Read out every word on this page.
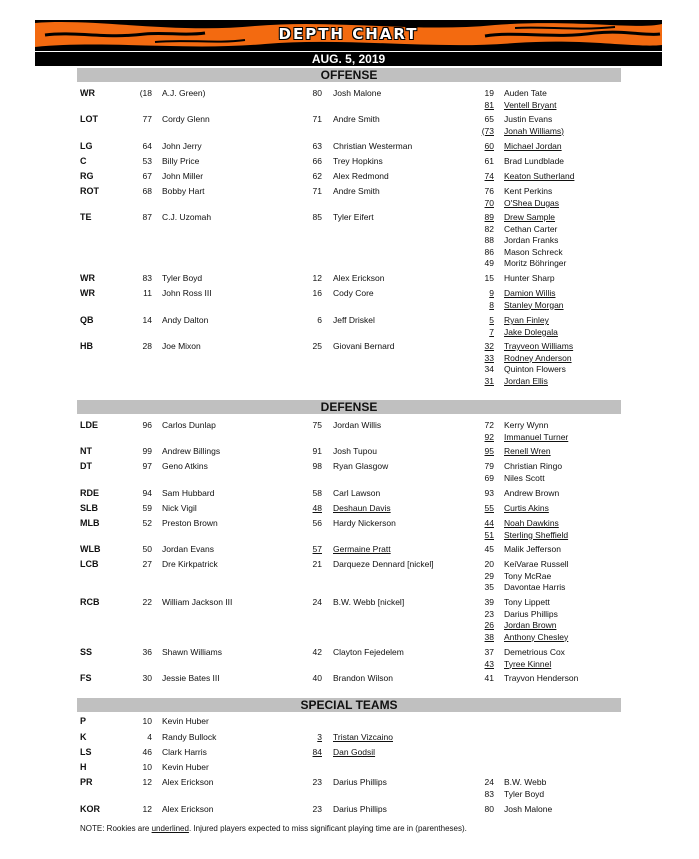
DEPTH CHART
AUG. 5, 2019
OFFENSE
WR	(18 A.J. Green)	80 Josh Malone	19 Auden Tate
81 Ventell Bryant
LOT	77 Cordy Glenn	71 Andre Smith	65 Justin Evans
(73 Jonah Williams)
LG	64 John Jerry	63 Christian Westerman	60 Michael Jordan
C	53 Billy Price	66 Trey Hopkins	61 Brad Lundblade
RG	67 John Miller	62 Alex Redmond	74 Keaton Sutherland
ROT	68 Bobby Hart	71 Andre Smith	76 Kent Perkins
70 O'Shea Dugas
TE	87 C.J. Uzomah	85 Tyler Eifert	89 Drew Sample
82 Cethan Carter
88 Jordan Franks
86 Mason Schreck
49 Moritz Böhringer
WR	83 Tyler Boyd	12 Alex Erickson	15 Hunter Sharp
WR	11 John Ross III	16 Cody Core	9 Damion Willis
8 Stanley Morgan
QB	14 Andy Dalton	6 Jeff Driskel	5 Ryan Finley
7 Jake Dolegala
HB	28 Joe Mixon	25 Giovani Bernard	32 Trayveon Williams
33 Rodney Anderson
34 Quinton Flowers
31 Jordan Ellis
DEFENSE
LDE	96 Carlos Dunlap	75 Jordan Willis	72 Kerry Wynn
92 Immanuel Turner
NT	99 Andrew Billings	91 Josh Tupou	95 Renell Wren
DT	97 Geno Atkins	98 Ryan Glasgow	79 Christian Ringo
69 Niles Scott
RDE	94 Sam Hubbard	58 Carl Lawson	93 Andrew Brown
SLB	59 Nick Vigil	48 Deshaun Davis	55 Curtis Akins
MLB	52 Preston Brown	56 Hardy Nickerson	44 Noah Dawkins
51 Sterling Sheffield
WLB	50 Jordan Evans	57 Germaine Pratt	45 Malik Jefferson
LCB	27 Dre Kirkpatrick	21 Darqueze Dennard [nickel]	20 KeiVarae Russell
29 Tony McRae
35 Davontae Harris
RCB	22 William Jackson III	24 B.W. Webb [nickel]	39 Tony Lippett
23 Darius Phillips
26 Jordan Brown
38 Anthony Chesley
SS	36 Shawn Williams	42 Clayton Fejedelem	37 Demetrious Cox
43 Tyree Kinnel
FS	30 Jessie Bates III	40 Brandon Wilson	41 Trayvon Henderson
SPECIAL TEAMS
P	10 Kevin Huber
K	4 Randy Bullock	3 Tristan Vizcaino
LS	46 Clark Harris	84 Dan Godsil
H	10 Kevin Huber
PR	12 Alex Erickson	23 Darius Phillips	24 B.W. Webb
83 Tyler Boyd
KOR	12 Alex Erickson	23 Darius Phillips	80 Josh Malone
NOTE: Rookies are underlined. Injured players expected to miss significant playing time are in (parentheses).
